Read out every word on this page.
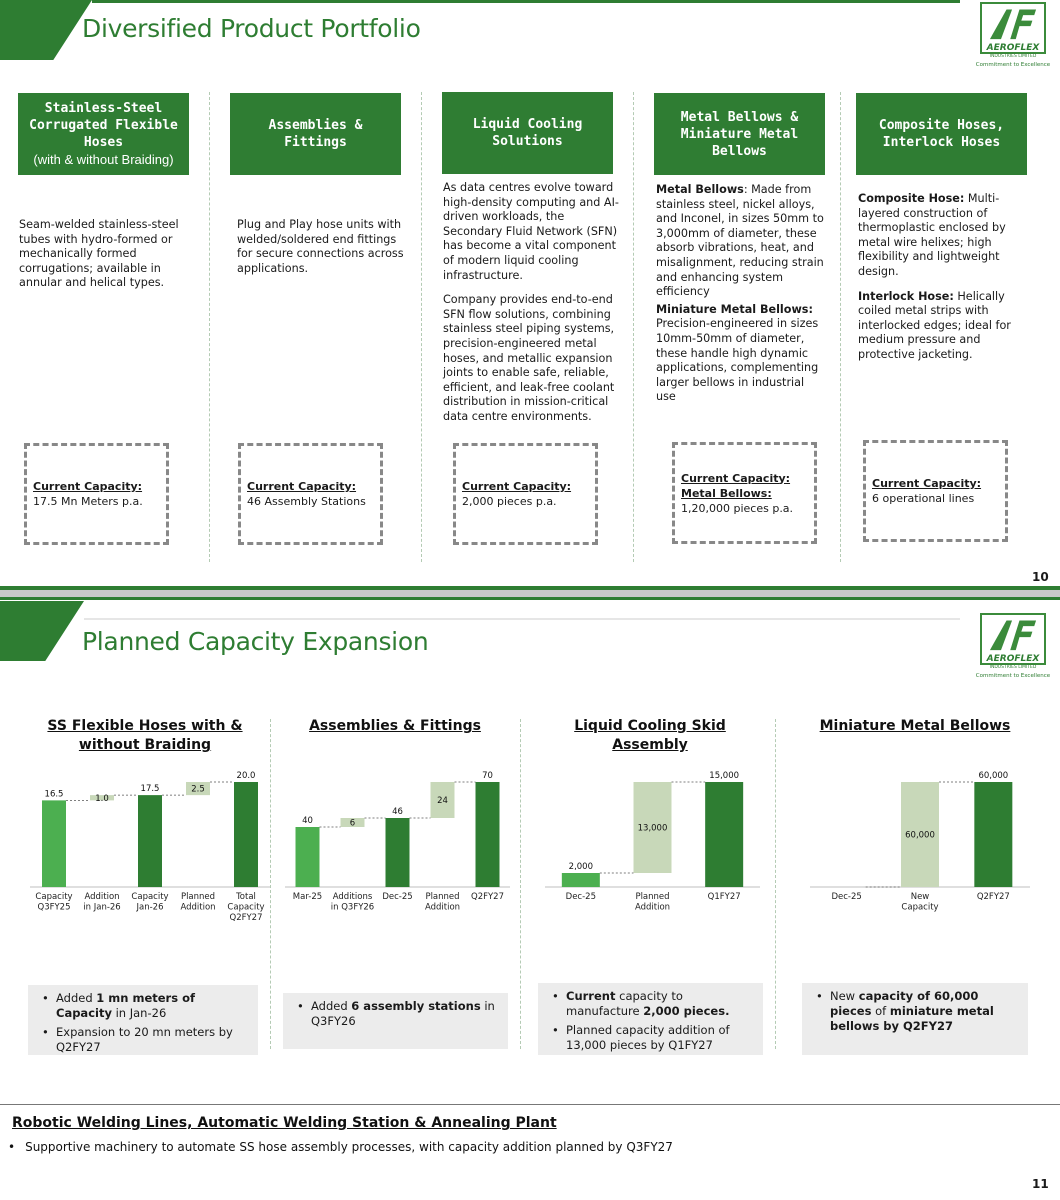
Diversified Product Portfolio
AEROFLEX
INDUSTRIES LIMITED
Commitment to Excellence
Stainless-Steel
Corrugated Flexible
Hoses
(with & without Braiding)
Assemblies &
Fittings
Liquid Cooling
Solutions
Metal Bellows &
Miniature Metal
Bellows
Composite Hoses,
Interlock Hoses

Seam-welded stainless-steel tubes with hydro-formed or mechanically formed corrugations; available in annular and helical types.

Plug and Play hose units with welded/soldered end fittings for secure connections across applications.

As data centres evolve toward high-density computing and AI-driven workloads, the Secondary Fluid Network (SFN) has become a vital component of modern liquid cooling infrastructure.

Company provides end-to-end SFN flow solutions, combining stainless steel piping systems, precision-engineered metal hoses, and metallic expansion joints to enable safe, reliable, efficient, and leak-free coolant distribution in mission-critical data centre environments.

Metal Bellows: Made from stainless steel, nickel alloys, and Inconel, in sizes 50mm to 3,000mm of diameter, these absorb vibrations, heat, and misalignment, reducing strain and enhancing system efficiency

Miniature Metal Bellows: Precision-engineered in sizes 10mm-50mm of diameter, these handle high dynamic applications, complementing larger bellows in industrial use

Composite Hose: Multi-layered construction of thermoplastic enclosed by metal wire helixes; high flexibility and lightweight design.

Interlock Hose: Helically coiled metal strips with interlocked edges; ideal for medium pressure and protective jacketing.

Current Capacity:
17.5 Mn Meters p.a.
Current Capacity:
46 Assembly Stations
Current Capacity:
2,000 pieces p.a.
Current Capacity:
Metal Bellows:
1,20,000 pieces p.a.
Current Capacity:
6 operational lines
10
Planned Capacity Expansion
AEROFLEX
INDUSTRIES LIMITED
Commitment to Excellence
SS Flexible Hoses with & without Braiding
Assemblies & Fittings	Liquid Cooling Skid Assembly
Miniature Metal Bellows
16.5
Capacity
Q3FY25
1.0
Addition
in Jan-26
17.5
Capacity
Jan-26
2.5
Planned
Addition
20.0
Total
Capacity
Q2FY27
40
Mar-25
6
Additions
in Q3FY26
46
Dec-25
24
Planned
Addition
70
Q2FY27
2,000
Dec-25
13,000
Planned
Addition
15,000
Q1FY27	Dec-25
60,000
New
Capacity
60,000
Q2FY27
• Added 1 mn meters of Capacity in Jan-26
• Expansion to 20 mn meters by Q2FY27
• Added 6 assembly stations in Q3FY26
• Current capacity to manufacture 2,000 pieces.
• Planned capacity addition of 13,000 pieces by Q1FY27
• New capacity of 60,000 pieces of miniature metal bellows by Q2FY27
Robotic Welding Lines, Automatic Welding Station & Annealing Plant
• Supportive machinery to automate SS hose assembly processes, with capacity addition planned by Q3FY27
11
